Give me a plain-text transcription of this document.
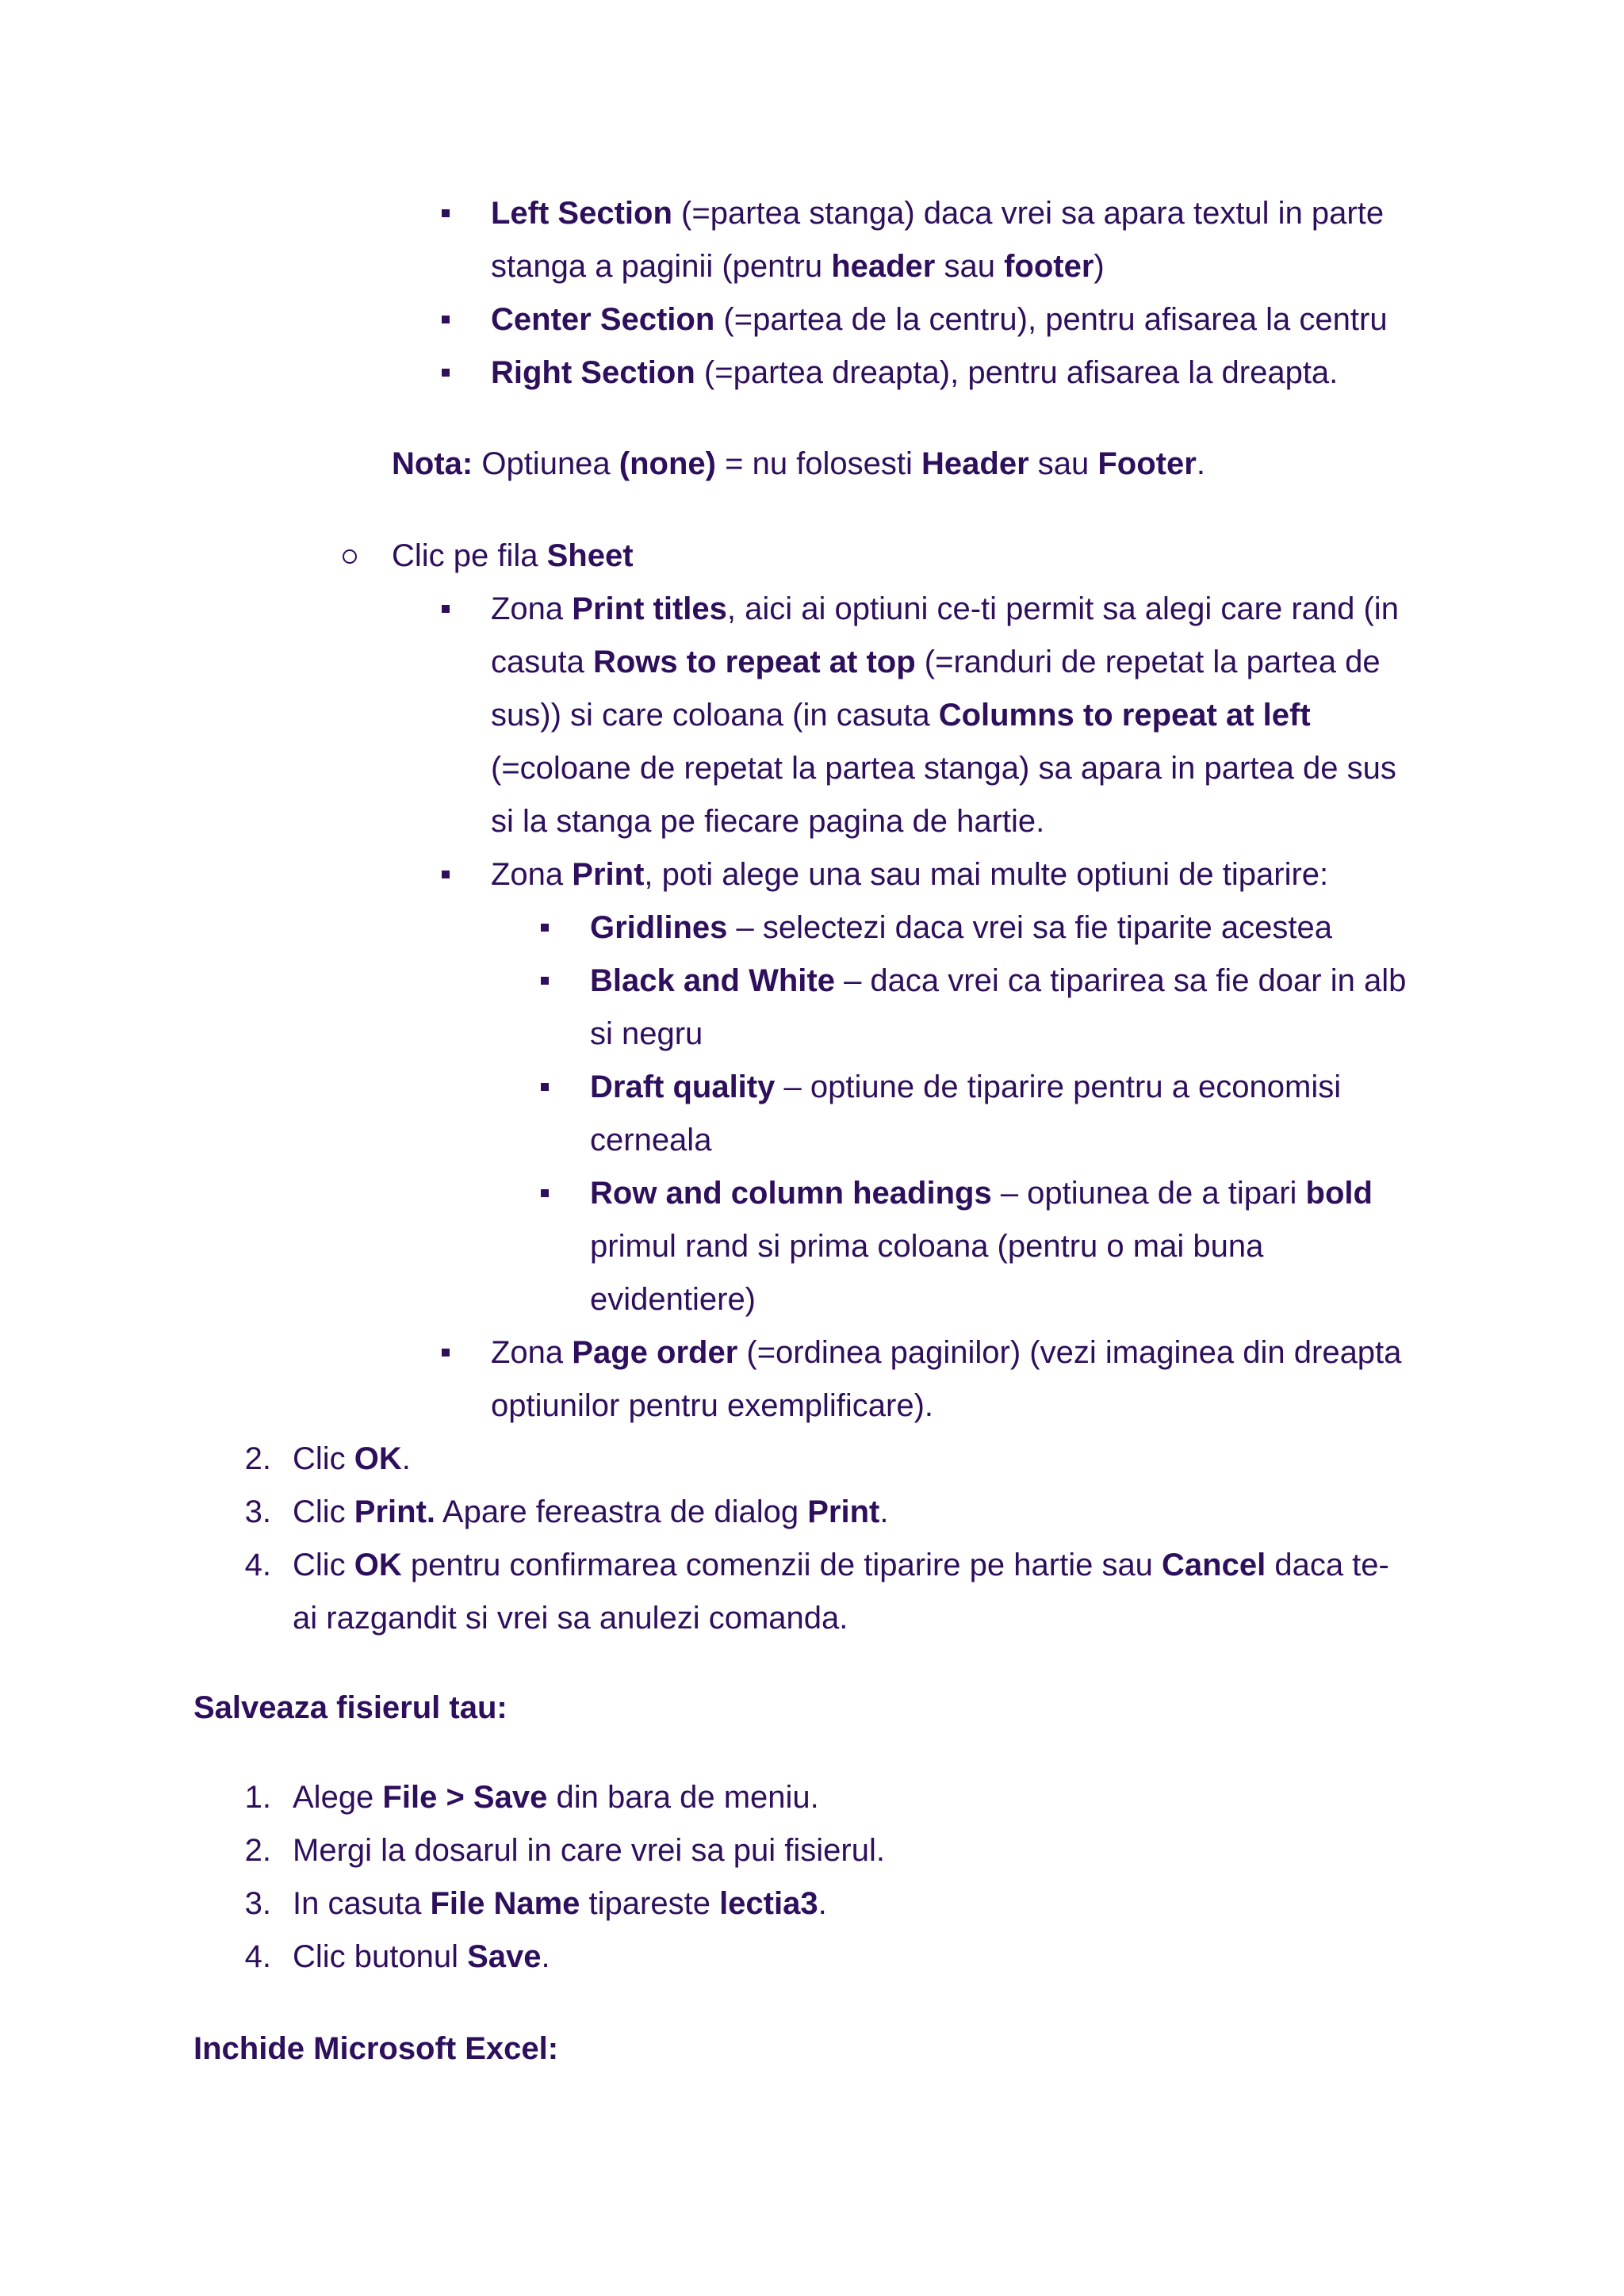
Left Section (=partea stanga) daca vrei sa apara textul in parte
stanga a paginii (pentru header sau footer)

Center Section (=partea de la centru), pentru afisarea la centru

Right Section (=partea dreapta), pentru afisarea la dreapta.

Nota: Optiunea (none) = nu folosesti Header sau Footer.

Clic pe fila Sheet

Zona Print titles, aici ai optiuni ce-ti permit sa alegi care rand (in
casuta Rows to repeat at top (=randuri de repetat la partea de
sus)) si care coloana (in casuta Columns to repeat at left
(=coloane de repetat la partea stanga) sa apara in partea de sus
si la stanga pe fiecare pagina de hartie.

Zona Print, poti alege una sau mai multe optiuni de tiparire:

Gridlines – selectezi daca vrei sa fie tiparite acestea

Black and White – daca vrei ca tiparirea sa fie doar in alb
si negru

Draft quality – optiune de tiparire pentru a economisi
cerneala

Row and column headings – optiunea de a tipari bold
primul rand si prima coloana (pentru o mai buna
evidentiere)

Zona Page order (=ordinea paginilor) (vezi imaginea din dreapta
optiunilor pentru exemplificare).

2. Clic OK.

3. Clic Print. Apare fereastra de dialog Print.

4. Clic OK pentru confirmarea comenzii de tiparire pe hartie sau Cancel daca te-
ai razgandit si vrei sa anulezi comanda.

Salveaza fisierul tau:

1. Alege File > Save din bara de meniu.

2. Mergi la dosarul in care vrei sa pui fisierul.

3. In casuta File Name tipareste lectia3.

4. Clic butonul Save.

Inchide Microsoft Excel:
